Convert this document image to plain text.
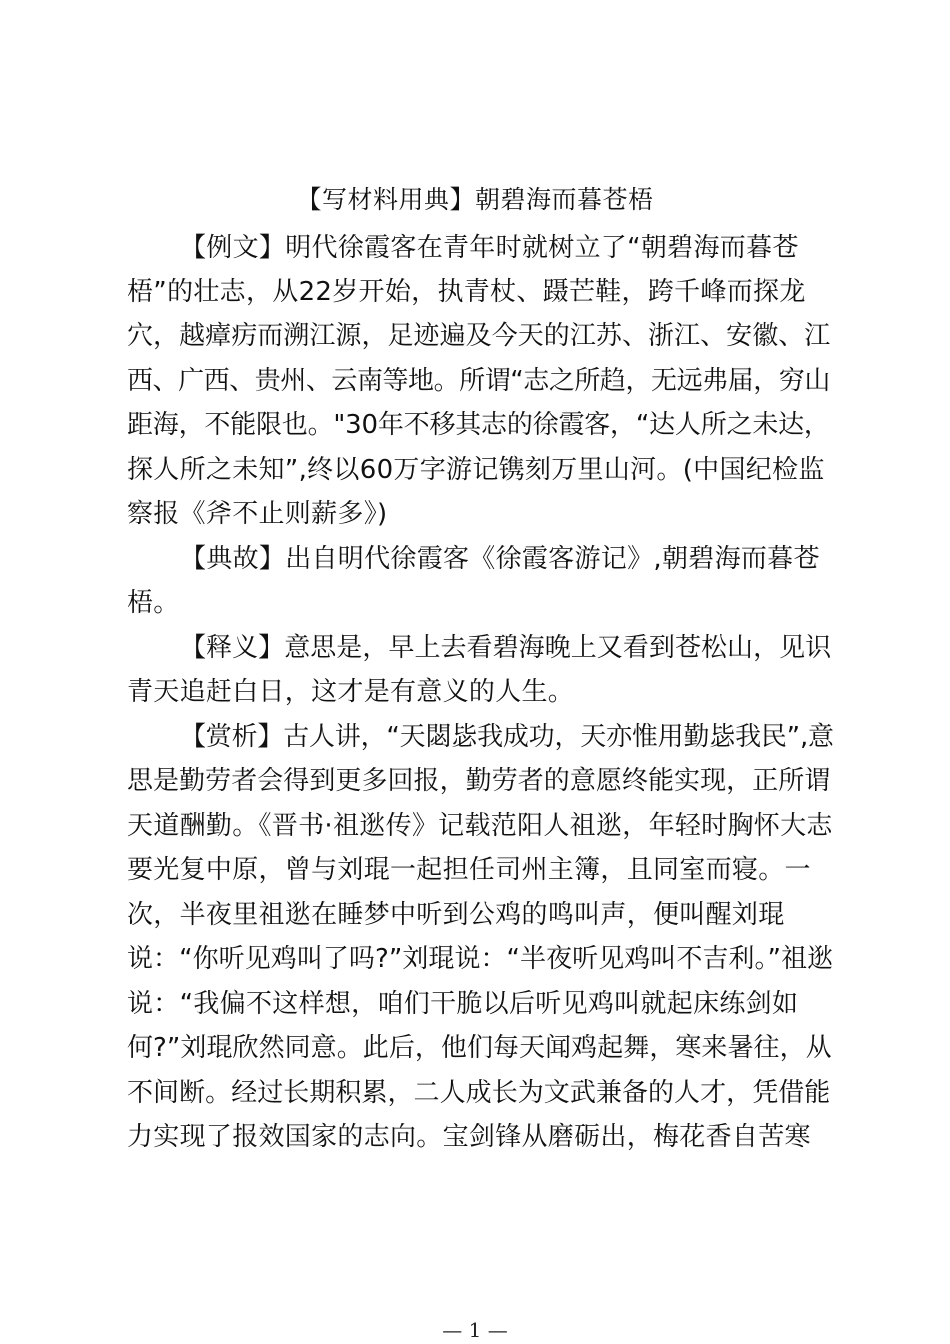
【写材料用典】朝碧海而暮苍梧
【例文】明代徐霞客在青年时就树立了“朝碧海而暮苍
梧”的壮志，从22岁开始，执青杖、蹑芒鞋，跨千峰而探龙
穴，越瘴疠而溯江源，足迹遍及今天的江苏、浙江、安徽、江
西、广西、贵州、云南等地。所谓“志之所趋，无远弗届，穷山
距海，不能限也。"30年不移其志的徐霞客，“达人所之未达，
探人所之未知”,终以60万字游记镌刻万里山河。(中国纪检监
察报《斧不止则薪多》)
【典故】出自明代徐霞客《徐霞客游记》,朝碧海而暮苍
梧。
【释义】意思是，早上去看碧海晚上又看到苍松山，见识
青天追赶白日，这才是有意义的人生。
【赏析】古人讲，“天閟毖我成功，天亦惟用勤毖我民”,意
思是勤劳者会得到更多回报，勤劳者的意愿终能实现，正所谓
天道酬勤。《晋书·祖逖传》记载范阳人祖逖，年轻时胸怀大志
要光复中原，曾与刘琨一起担任司州主簿，且同室而寝。一
次，半夜里祖逖在睡梦中听到公鸡的鸣叫声，便叫醒刘琨
说：“你听见鸡叫了吗?”刘琨说：“半夜听见鸡叫不吉利。”祖逖
说：“我偏不这样想，咱们干脆以后听见鸡叫就起床练剑如
何?”刘琨欣然同意。此后，他们每天闻鸡起舞，寒来暑往，从
不间断。经过长期积累，二人成长为文武兼备的人才，凭借能
力实现了报效国家的志向。宝剑锋从磨砺出，梅花香自苦寒
— 1 —
